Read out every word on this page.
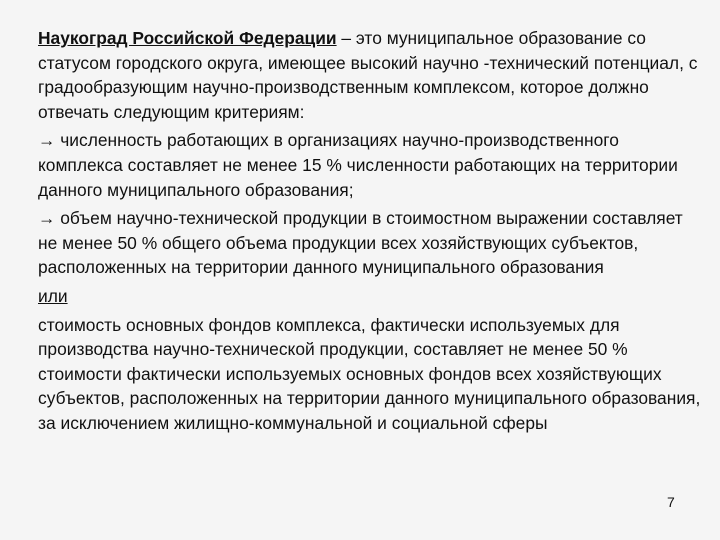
Наукоград Российской Федерации – это муниципальное образование со статусом городского округа, имеющее высокий научно -технический потенциал, с градообразующим научно-производственным комплексом, которое должно отвечать следующим критериям:

→ численность работающих в организациях научно-производственного комплекса составляет не менее 15 % численности работающих на территории данного муниципального образования;

→ объем научно-технической продукции в стоимостном выражении составляет не менее 50 % общего объема продукции всех хозяйствующих субъектов, расположенных на территории данного муниципального образования

или

стоимость основных фондов комплекса, фактически используемых для производства научно-технической продукции, составляет не менее 50 % стоимости фактически используемых основных фондов всех хозяйствующих субъектов, расположенных на территории данного муниципального образования, за исключением жилищно-коммунальной и социальной сферы

7
